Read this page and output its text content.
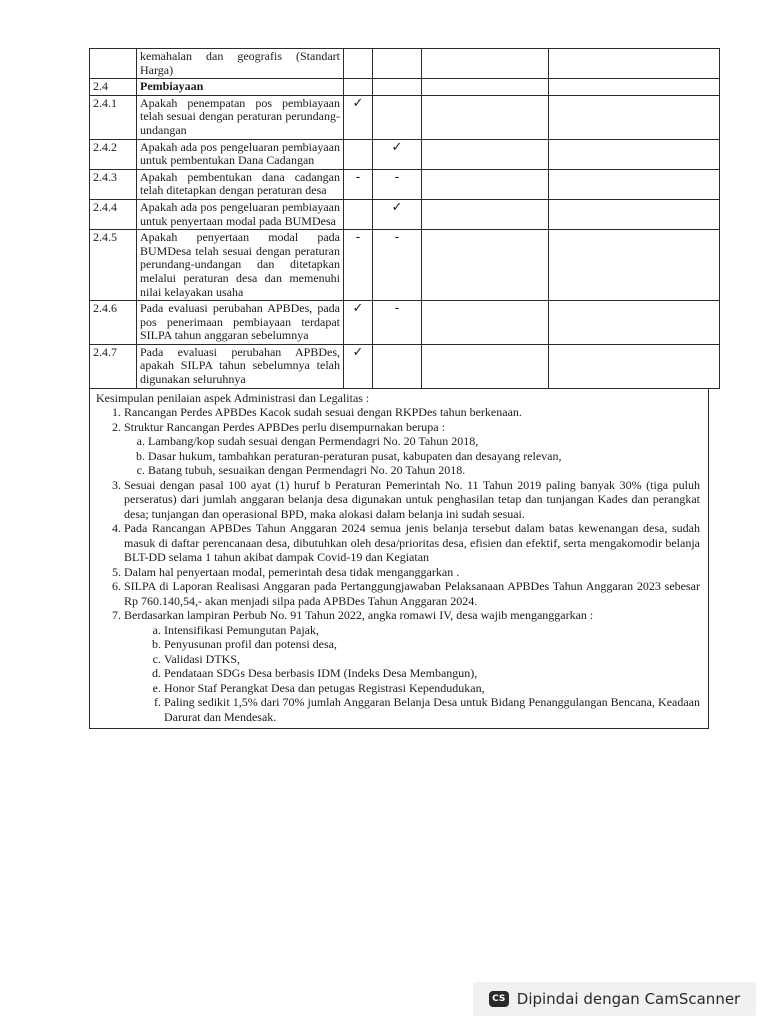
	kemahalan dan geografis (Standart Harga)				
2.4	Pembiayaan				
2.4.1	Apakah penempatan pos pembiayaan telah sesuai dengan peraturan perundang-undangan	✓			
2.4.2	Apakah ada pos pengeluaran pembiayaan untuk pembentukan Dana Cadangan		✓		
2.4.3	Apakah pembentukan dana cadangan telah ditetapkan dengan peraturan desa	-	-		
2.4.4	Apakah ada pos pengeluaran pembiayaan untuk penyertaan modal pada BUMDesa		✓		
2.4.5	Apakah penyertaan modal pada BUMDesa telah sesuai dengan peraturan perundang-undangan dan ditetapkan melalui peraturan desa dan memenuhi nilai kelayakan usaha	-	-		
2.4.6	Pada evaluasi perubahan APBDes, pada pos penerimaan pembiayaan terdapat SILPA tahun anggaran sebelumnya	✓	-		
2.4.7	Pada evaluasi perubahan APBDes, apakah SILPA tahun sebelumnya telah digunakan seluruhnya	✓			
Kesimpulan penilaian aspek Administrasi dan Legalitas :
1. Rancangan Perdes APBDes Kacok sudah sesuai dengan RKPDes tahun berkenaan.
2. Struktur Rancangan Perdes APBDes perlu disempurnakan berupa :
a. Lambang/kop sudah sesuai dengan Permendagri No. 20 Tahun 2018,
b. Dasar hukum, tambahkan peraturan-peraturan pusat, kabupaten dan desayang relevan,
c. Batang tubuh, sesuaikan dengan Permendagri No. 20 Tahun 2018.
3. Sesuai dengan pasal 100 ayat (1) huruf b Peraturan Pemerintah No. 11 Tahun 2019 paling banyak 30% (tiga puluh perseratus) dari jumlah anggaran belanja desa digunakan untuk penghasilan tetap dan tunjangan Kades dan perangkat desa; tunjangan dan operasional BPD, maka alokasi dalam belanja ini sudah sesuai.
4. Pada Rancangan APBDes Tahun Anggaran 2024 semua jenis belanja tersebut dalam batas kewenangan desa, sudah masuk di daftar perencanaan desa, dibutuhkan oleh desa/prioritas desa, efisien dan efektif, serta mengakomodir belanja BLT-DD selama 1 tahun akibat dampak Covid-19 dan Kegiatan
5. Dalam hal penyertaan modal, pemerintah desa tidak menganggarkan .
6. SILPA di Laporan Realisasi Anggaran pada Pertanggungjawaban Pelaksanaan APBDes Tahun Anggaran 2023 sebesar Rp 760.140,54,- akan menjadi silpa pada APBDes Tahun Anggaran 2024.
7. Berdasarkan lampiran Perbub No. 91 Tahun 2022, angka romawi IV, desa wajib menganggarkan :
a. Intensifikasi Pemungutan Pajak,
b. Penyusunan profil dan potensi desa,
c. Validasi DTKS,
d. Pendataan SDGs Desa berbasis IDM (Indeks Desa Membangun),
e. Honor Staf Perangkat Desa dan petugas Registrasi Kependudukan,
f. Paling sedikit 1,5% dari 70% jumlah Anggaran Belanja Desa untuk Bidang Penanggulangan Bencana, Keadaan Darurat dan Mendesak.
CS Dipindai dengan CamScanner
